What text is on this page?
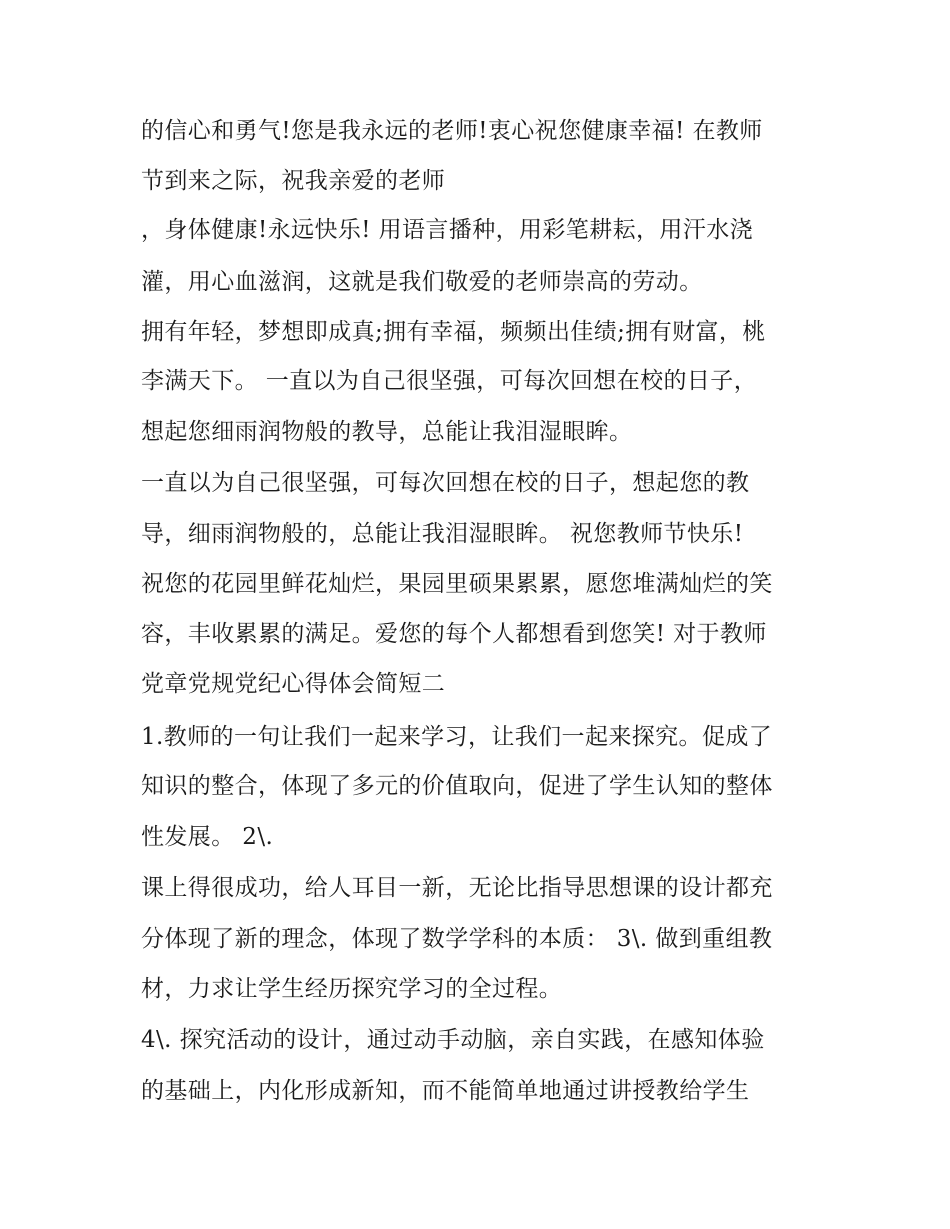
的信心和勇气!您是我永远的老师!衷心祝您健康幸福! 在教师
节到来之际，祝我亲爱的老师
，身体健康!永远快乐! 用语言播种，用彩笔耕耘，用汗水浇
灌，用心血滋润，这就是我们敬爱的老师崇高的劳动。
拥有年轻，梦想即成真;拥有幸福，频频出佳绩;拥有财富，桃
李满天下。 一直以为自己很坚强，可每次回想在校的日子，
想起您细雨润物般的教导，总能让我泪湿眼眸。
一直以为自己很坚强，可每次回想在校的日子，想起您的教
导，细雨润物般的，总能让我泪湿眼眸。 祝您教师节快乐!
祝您的花园里鲜花灿烂，果园里硕果累累，愿您堆满灿烂的笑
容，丰收累累的满足。爱您的每个人都想看到您笑! 对于教师
党章党规党纪心得体会简短二
1.教师的一句让我们一起来学习，让我们一起来探究。促成了
知识的整合，体现了多元的价值取向，促进了学生认知的整体
性发展。 2\.
课上得很成功，给人耳目一新，无论比指导思想课的设计都充
分体现了新的理念，体现了数学学科的本质： 3\. 做到重组教
材，力求让学生经历探究学习的全过程。
4\. 探究活动的设计，通过动手动脑，亲自实践，在感知体验
的基础上，内化形成新知，而不能简单地通过讲授教给学生
